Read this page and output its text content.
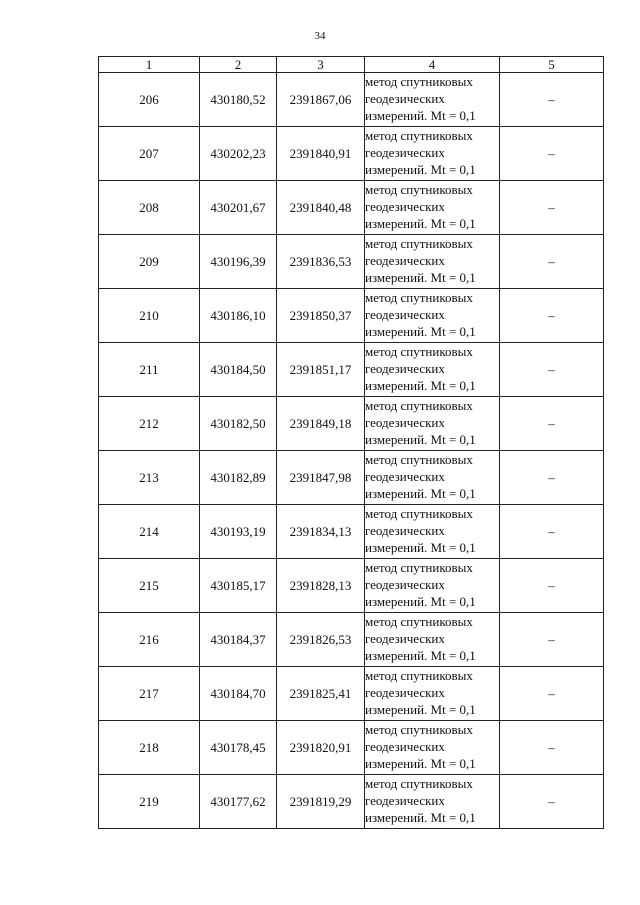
34
1	2	3	4	5
206	430180,52	2391867,06	метод спутниковых
геодезических
измерений. Mt = 0,1	–
207	430202,23	2391840,91	метод спутниковых
геодезических
измерений. Mt = 0,1	–
208	430201,67	2391840,48	метод спутниковых
геодезических
измерений. Mt = 0,1	–
209	430196,39	2391836,53	метод спутниковых
геодезических
измерений. Mt = 0,1	–
210	430186,10	2391850,37	метод спутниковых
геодезических
измерений. Mt = 0,1	–
211	430184,50	2391851,17	метод спутниковых
геодезических
измерений. Mt = 0,1	–
212	430182,50	2391849,18	метод спутниковых
геодезических
измерений. Mt = 0,1	–
213	430182,89	2391847,98	метод спутниковых
геодезических
измерений. Mt = 0,1	–
214	430193,19	2391834,13	метод спутниковых
геодезических
измерений. Mt = 0,1	–
215	430185,17	2391828,13	метод спутниковых
геодезических
измерений. Mt = 0,1	–
216	430184,37	2391826,53	метод спутниковых
геодезических
измерений. Mt = 0,1	–
217	430184,70	2391825,41	метод спутниковых
геодезических
измерений. Mt = 0,1	–
218	430178,45	2391820,91	метод спутниковых
геодезических
измерений. Mt = 0,1	–
219	430177,62	2391819,29	метод спутниковых
геодезических
измерений. Mt = 0,1	–
